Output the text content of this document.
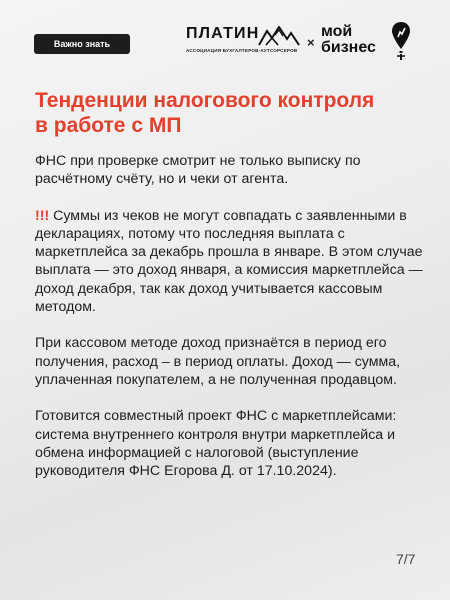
Важно знать
ПЛАТИН
АССОЦИАЦИЯ БУХГАЛТЕРОВ-АУТСОРСЕРОВ
×
мой
бизнес
Тенденции налогового контроля
в работе с МП

ФНС при проверке смотрит не только выписку по расчётному счёту, но и чеки от агента.

!!! Суммы из чеков не могут совпадать с заявленными в декларациях, потому что последняя выплата с маркетплейса за декабрь прошла в январе. В этом случае выплата — это доход января, а комиссия маркетплейса — доход декабря, так как доход учитывается кассовым методом.

При кассовом методе доход признаётся в период его получения, расход – в период оплаты. Доход — сумма, уплаченная покупателем, а не полученная продавцом.

Готовится совместный проект ФНС с маркетплейсами: система внутреннего контроля внутри маркетплейса и обмена информацией с налоговой (выступление руководителя ФНС Егорова Д. от 17.10.2024).

7/7
